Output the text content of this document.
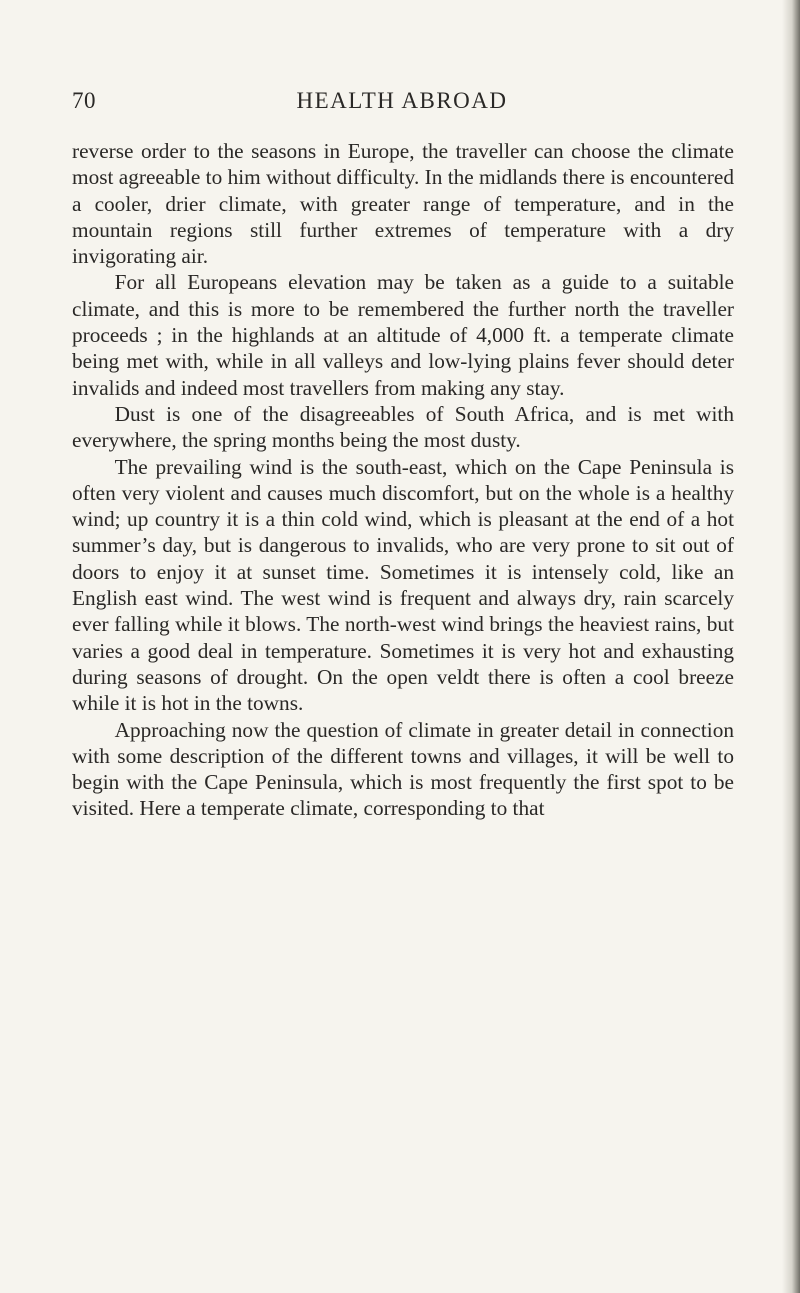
70	HEALTH ABROAD

reverse order to the seasons in Europe, the traveller can choose the climate most agreeable to him without difficulty. In the midlands there is encountered a cooler, drier climate, with greater range of temperature, and in the mountain regions still further extremes of temperature with a dry invigorating air.

For all Europeans elevation may be taken as a guide to a suitable climate, and this is more to be remembered the further north the traveller proceeds ; in the highlands at an altitude of 4,000 ft. a temperate climate being met with, while in all valleys and low-lying plains fever should deter invalids and indeed most travellers from making any stay.

Dust is one of the disagreeables of South Africa, and is met with everywhere, the spring months being the most dusty.

The prevailing wind is the south-east, which on the Cape Peninsula is often very violent and causes much discomfort, but on the whole is a healthy wind; up country it is a thin cold wind, which is pleasant at the end of a hot summer’s day, but is dangerous to invalids, who are very prone to sit out of doors to enjoy it at sunset time. Sometimes it is intensely cold, like an English east wind. The west wind is frequent and always dry, rain scarcely ever falling while it blows. The north-west wind brings the heaviest rains, but varies a good deal in temperature. Sometimes it is very hot and exhausting during seasons of drought. On the open veldt there is often a cool breeze while it is hot in the towns.

Approaching now the question of climate in greater detail in connection with some description of the different towns and villages, it will be well to begin with the Cape Peninsula, which is most frequently the first spot to be visited. Here a temperate climate, corresponding to that
